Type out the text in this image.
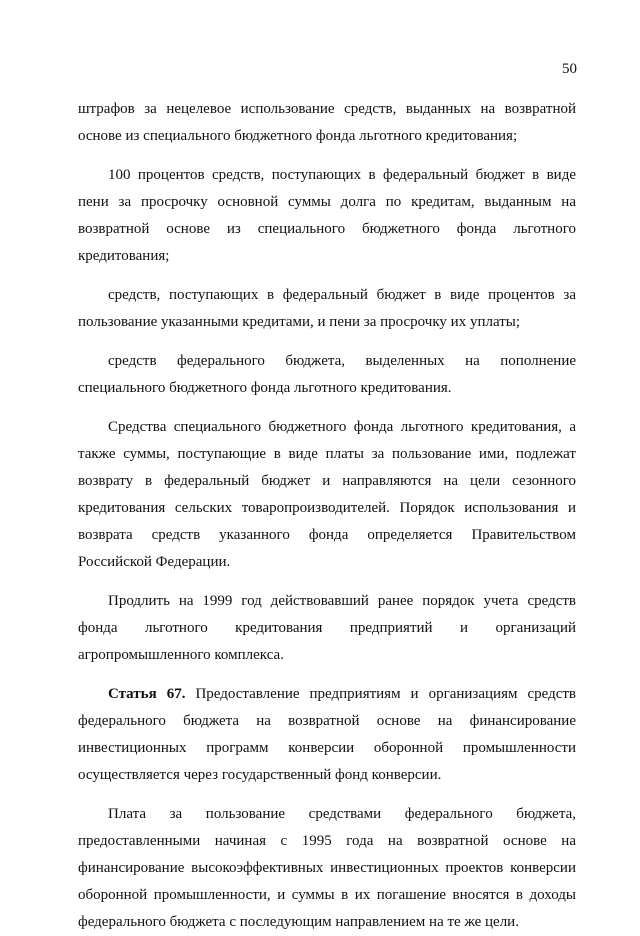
50

штрафов за нецелевое использование средств, выданных на возвратной основе из специального бюджетного фонда льготного кредитования;

100 процентов средств, поступающих в федеральный бюджет в виде пени за просрочку основной суммы долга по кредитам, выданным на возвратной основе из специального бюджетного фонда льготного кредитования;

средств, поступающих в федеральный бюджет в виде процентов за пользование указанными кредитами, и пени за просрочку их уплаты;

средств федерального бюджета, выделенных на пополнение специального бюджетного фонда льготного кредитования.

Средства специального бюджетного фонда льготного кредитования, а также суммы, поступающие в виде платы за пользование ими, подлежат возврату в федеральный бюджет и направляются на цели сезонного кредитования сельских товаропроизводителей. Порядок использования и возврата средств указанного фонда определяется Правительством Российской Федерации.

Продлить на 1999 год действовавший ранее порядок учета средств фонда льготного кредитования предприятий и организаций агропромышленного комплекса.

Статья 67. Предоставление предприятиям и организациям средств федерального бюджета на возвратной основе на финансирование инвестиционных программ конверсии оборонной промышленности осуществляется через государственный фонд конверсии.

Плата за пользование средствами федерального бюджета, предоставленными начиная с 1995 года на возвратной основе на финансирование высокоэффективных инвестиционных проектов конверсии оборонной промышленности, и суммы в их погашение вносятся в доходы федерального бюджета с последующим направлением на те же цели.
